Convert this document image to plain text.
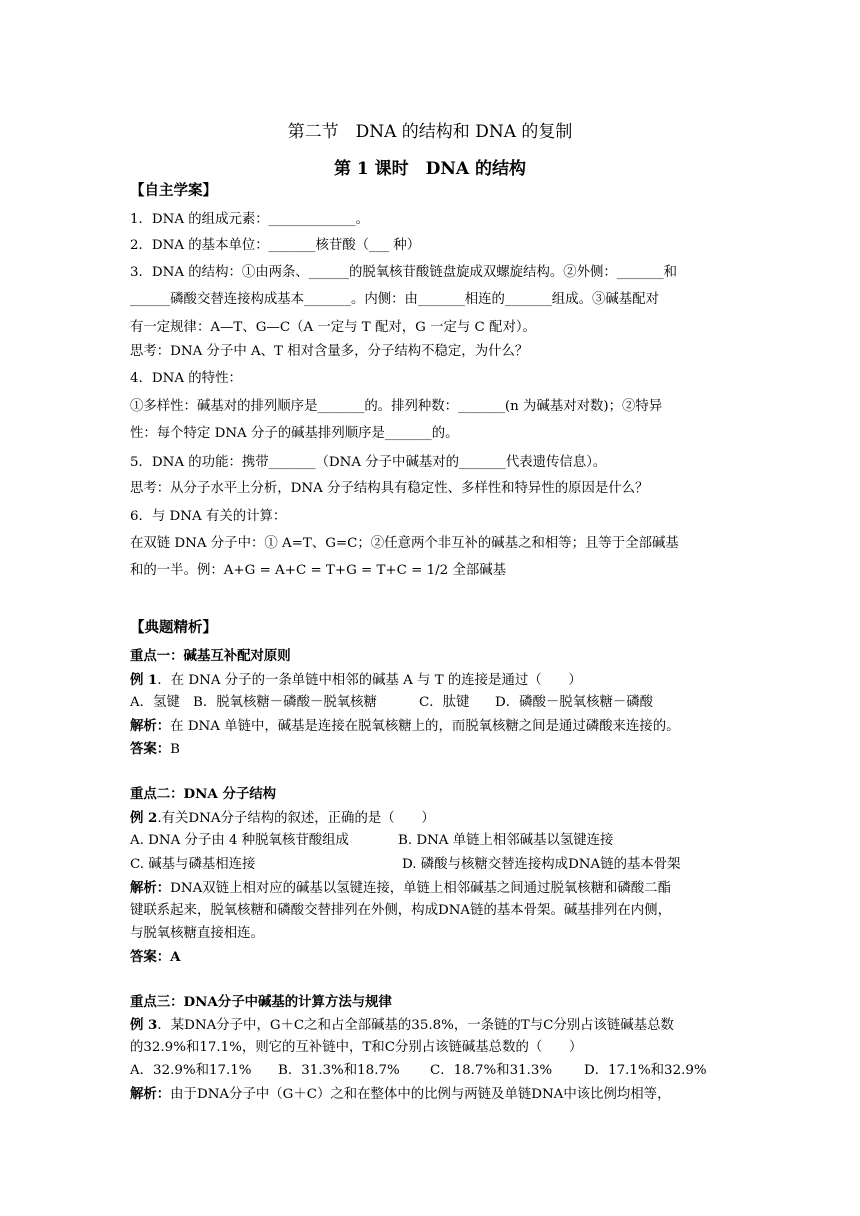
第二节　DNA 的结构和 DNA 的复制
第 1 课时　DNA 的结构
【自主学案】
1．DNA 的组成元素：_____________。
2．DNA 的基本单位：_______核苷酸（___ 种）
3．DNA 的结构：①由两条、______的脱氧核苷酸链盘旋成双螺旋结构。②外侧：_______和
______磷酸交替连接构成基本_______。内侧：由_______相连的_______组成。③碱基配对
有一定规律：A—T、G—C（A 一定与 T 配对，G 一定与 C 配对）。
思考：DNA 分子中 A、T 相对含量多，分子结构不稳定，为什么？
4．DNA 的特性：
①多样性：碱基对的排列顺序是_______的。排列种数：_______(n 为碱基对对数)；②特异
性：每个特定 DNA 分子的碱基排列顺序是_______的。
5．DNA 的功能：携带_______（DNA 分子中碱基对的_______代表遗传信息）。
思考：从分子水平上分析，DNA 分子结构具有稳定性、多样性和特异性的原因是什么？
6．与 DNA 有关的计算：
在双链 DNA 分子中：① A=T、G=C；②任意两个非互补的碱基之和相等；且等于全部碱基
和的一半。例：A+G = A+C = T+G = T+C = 1/2 全部碱基
【典题精析】
重点一：碱基互补配对原则
例 1．在 DNA 分子的一条单链中相邻的碱基 A 与 T 的连接是通过（　　）
A．氢键 B．脱氧核糖－磷酸－脱氧核糖	C．肽键 D．磷酸－脱氧核糖－磷酸
解析：在 DNA 单链中，碱基是连接在脱氧核糖上的，而脱氧核糖之间是通过磷酸来连接的。
答案：B
重点二：DNA 分子结构
例 2.有关DNA分子结构的叙述，正确的是（　　）
A. DNA 分子由 4 种脱氧核苷酸组成	B. DNA 单链上相邻碱基以氢键连接
C. 碱基与磷基相连接	D. 磷酸与核糖交替连接构成DNA链的基本骨架
解析：DNA双链上相对应的碱基以氢键连接，单链上相邻碱基之间通过脱氧核糖和磷酸二酯
键联系起来，脱氧核糖和磷酸交替排列在外侧，构成DNA链的基本骨架。碱基排列在内侧，
与脱氧核糖直接相连。
答案：A
重点三：DNA分子中碱基的计算方法与规律
例 3．某DNA分子中，G＋C之和占全部碱基的35.8%，一条链的T与C分别占该链碱基总数
的32.9%和17.1%，则它的互补链中，T和C分别占该链碱基总数的（　　）
A．32.9%和17.1% B．31.3%和18.7% C．18.7%和31.3% D．17.1%和32.9%
解析：由于DNA分子中（G＋C）之和在整体中的比例与两链及单链DNA中该比例均相等，
